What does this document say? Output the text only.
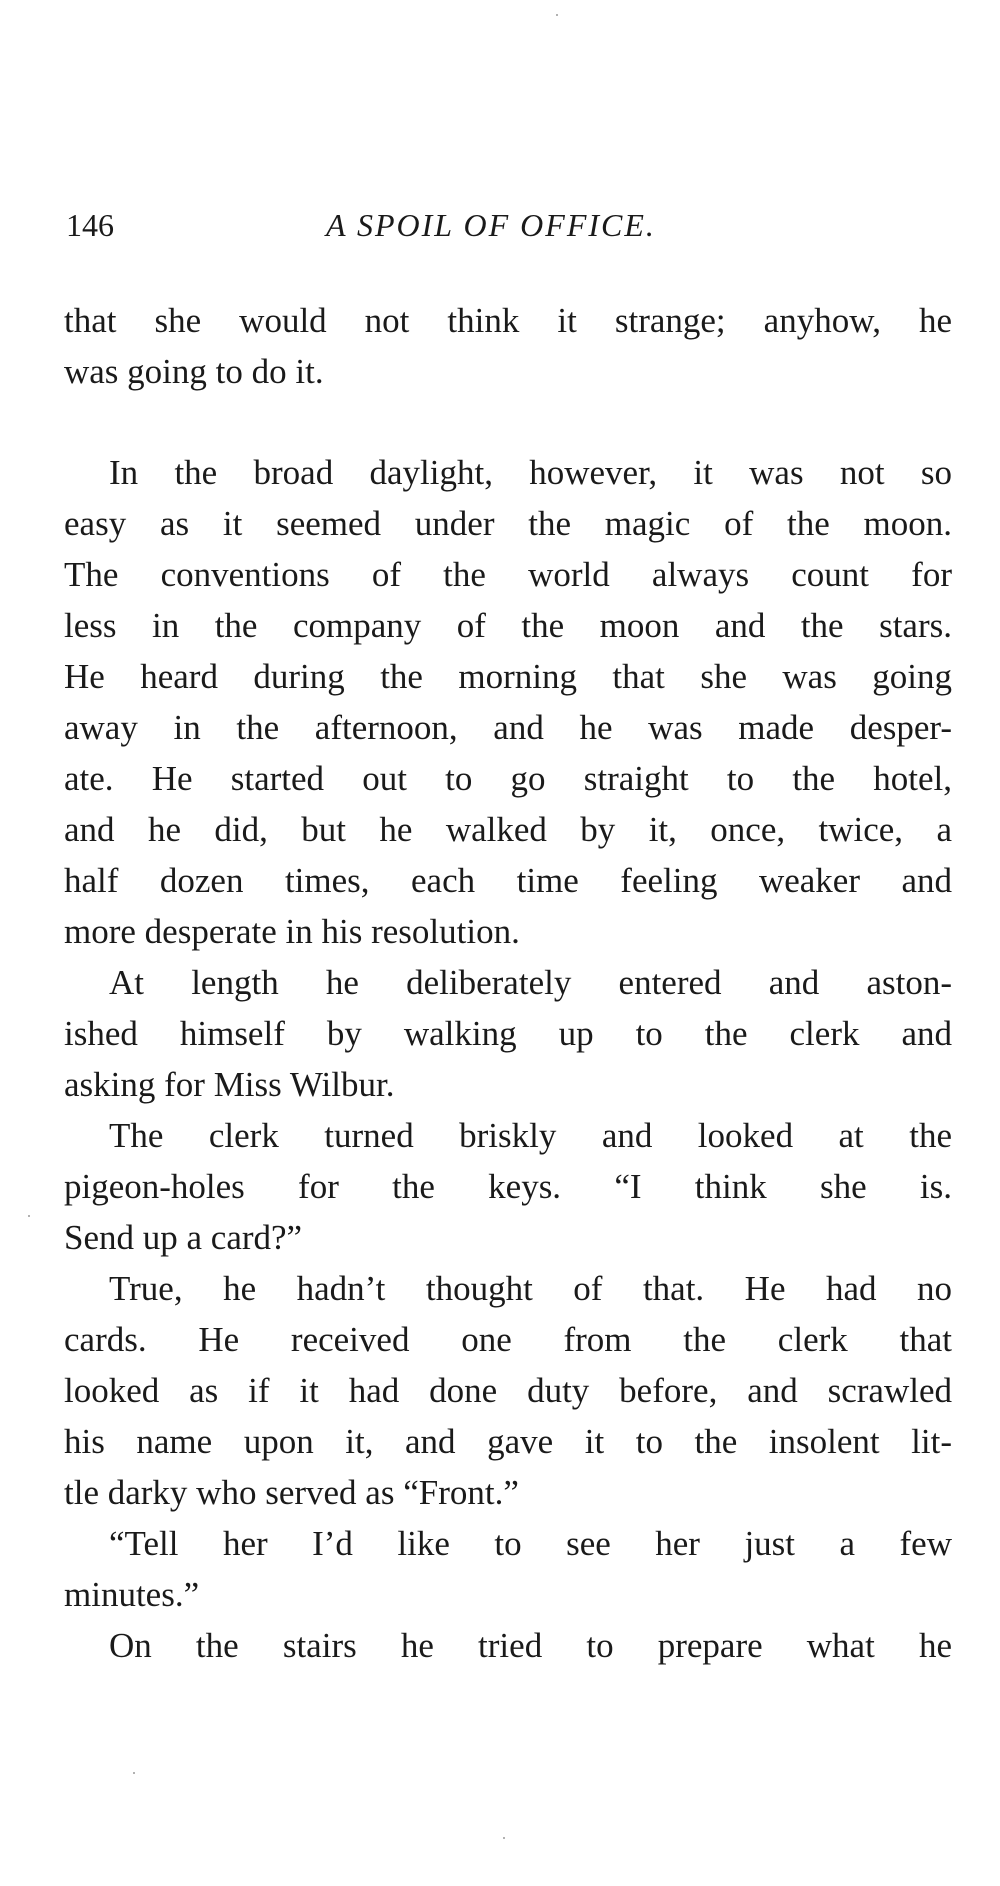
146	A SPOIL OF OFFICE.
that she would not think it strange; anyhow, he
was going to do it.
In the broad daylight, however, it was not so
easy as it seemed under the magic of the moon.
The conventions of the world always count for
less in the company of the moon and the stars.
He heard during the morning that she was going
away in the afternoon, and he was made desper-
ate. He started out to go straight to the hotel,
and he did, but he walked by it, once, twice, a
half dozen times, each time feeling weaker and
more desperate in his resolution.
At length he deliberately entered and aston-
ished himself by walking up to the clerk and
asking for Miss Wilbur.
The clerk turned briskly and looked at the
pigeon-holes for the keys. “I think she is.
Send up a card?”
True, he hadn’t thought of that. He had no
cards. He received one from the clerk that
looked as if it had done duty before, and scrawled
his name upon it, and gave it to the insolent lit-
tle darky who served as “Front.”
“Tell her I’d like to see her just a few
minutes.”
On the stairs he tried to prepare what he
